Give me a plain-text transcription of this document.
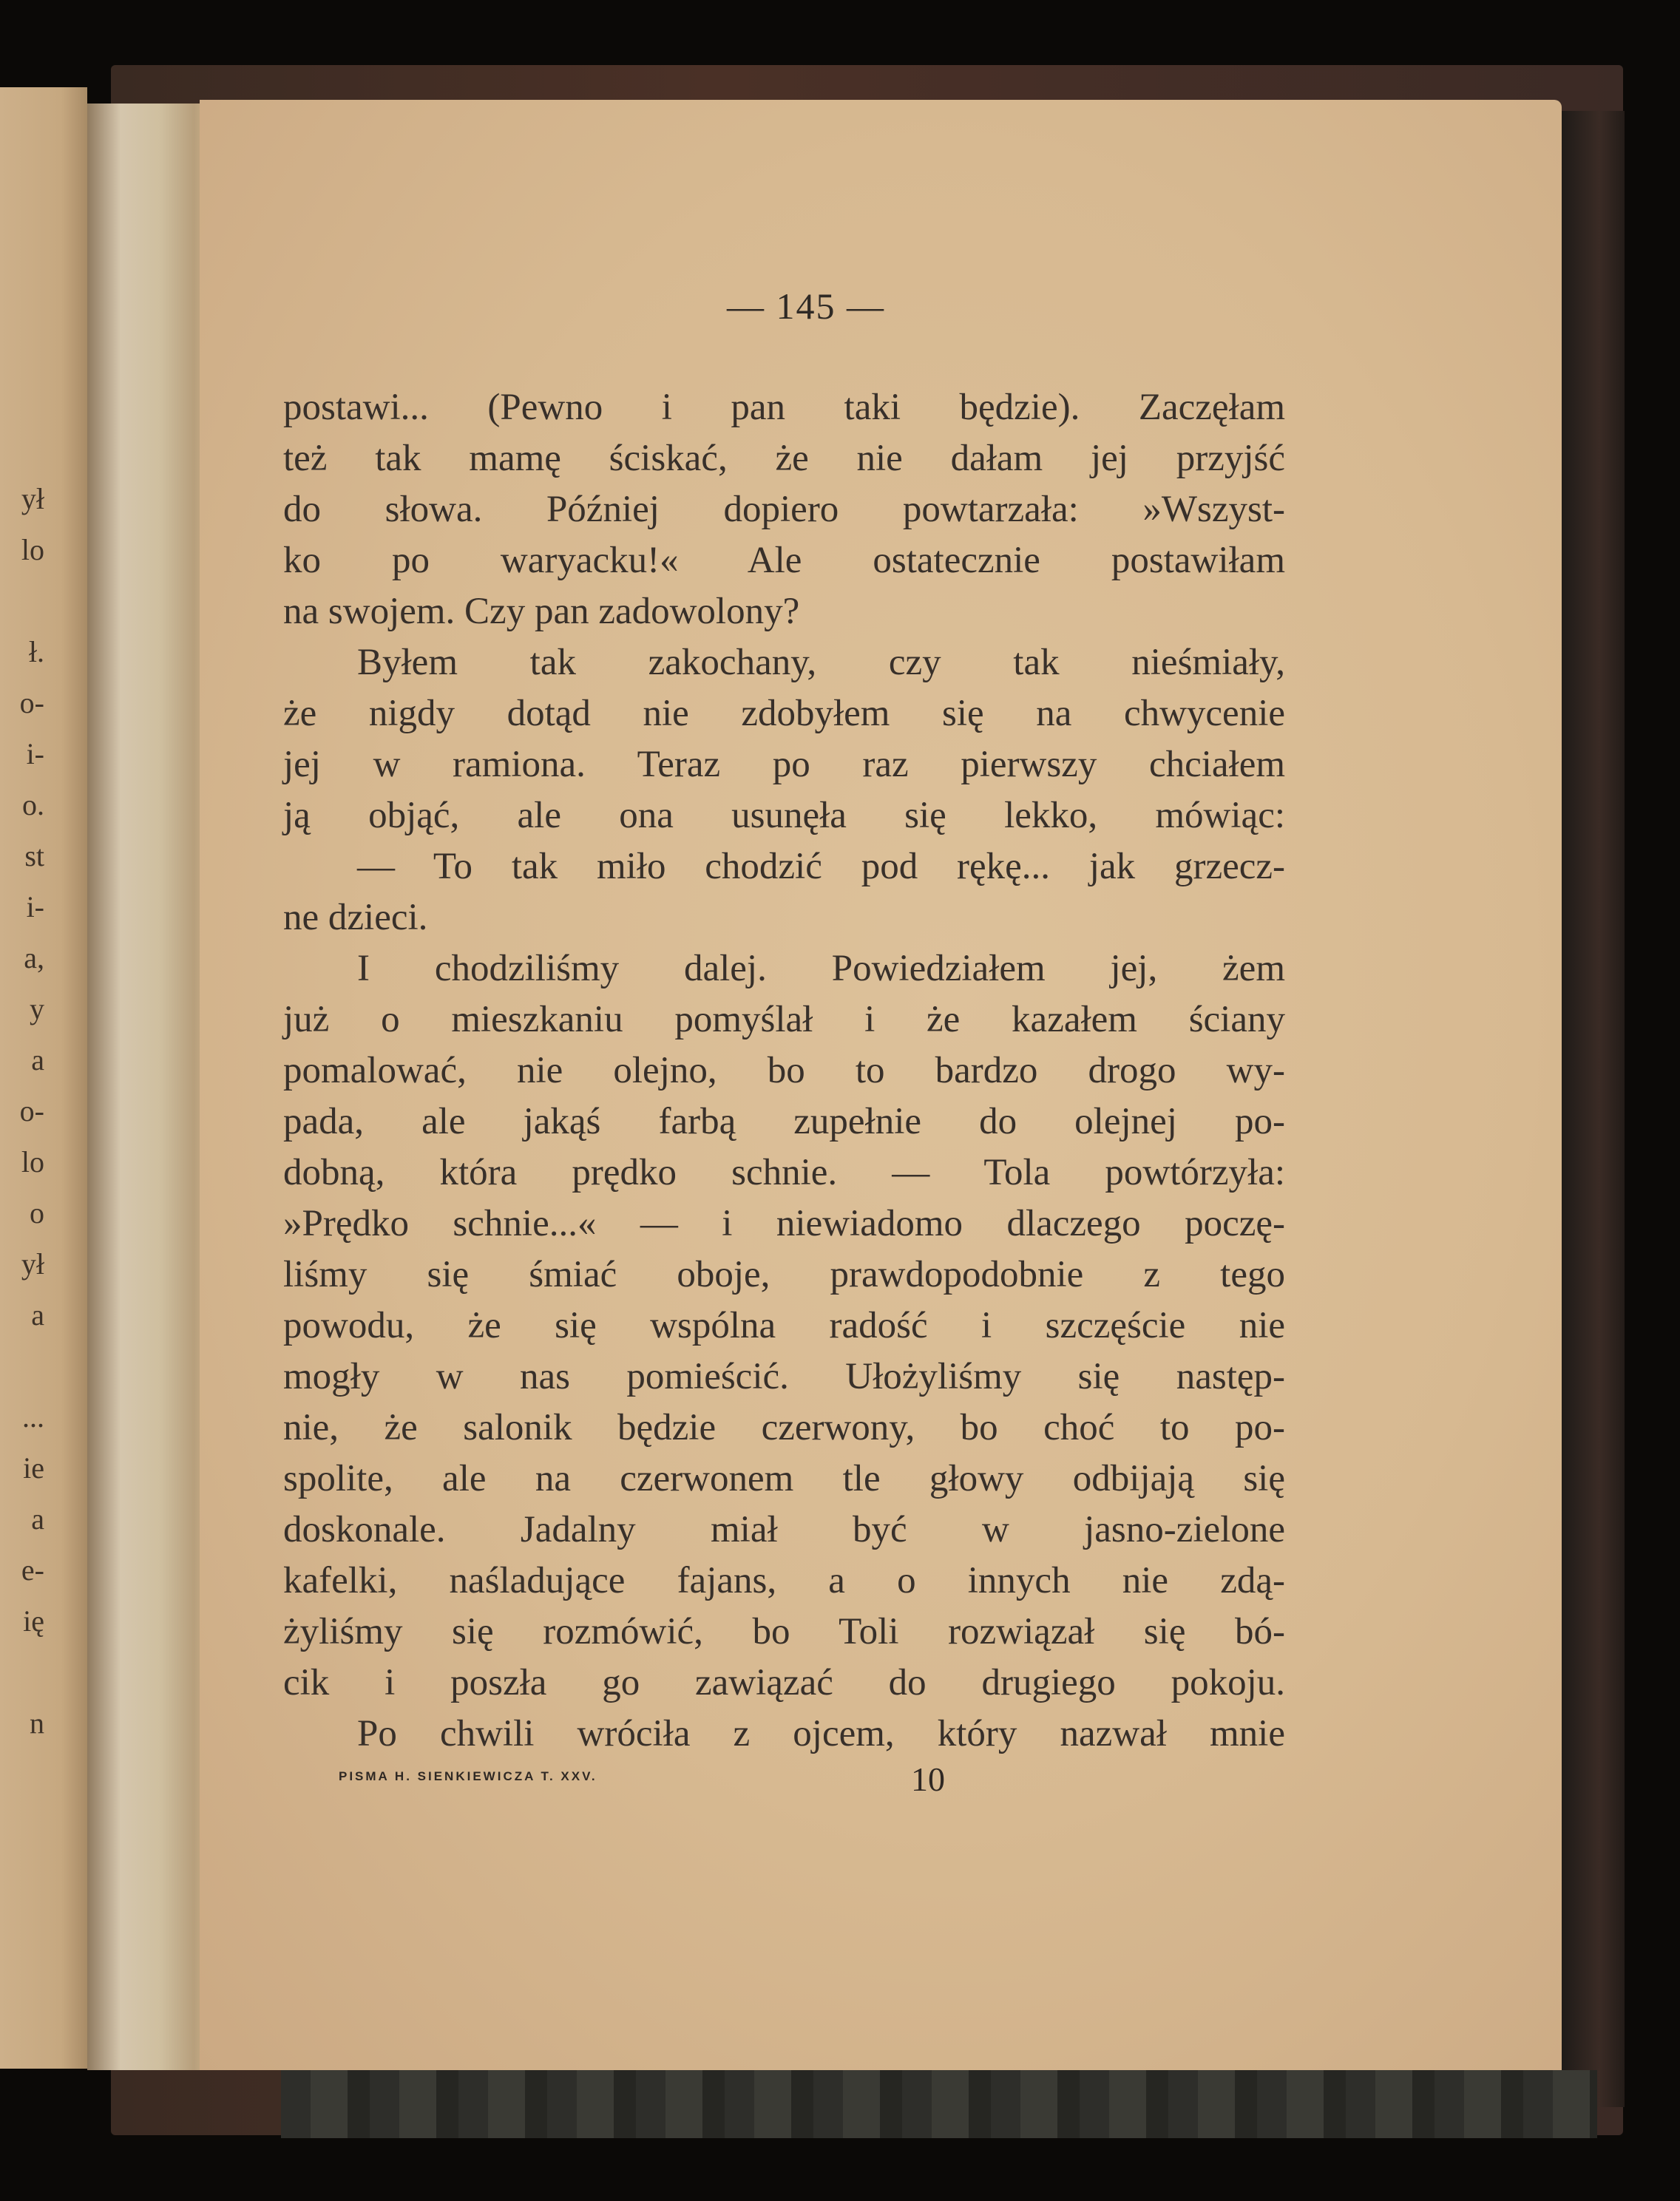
ył
lo
ł.
o-
i-
o.
st
i-
a,
y
a
o-
lo
o
ył
a
...
ie
a
e-
ię
n
— 145 —
postawi... (Pewno i pan taki będzie). Zaczęłam
też tak mamę ściskać, że nie dałam jej przyjść
do słowa. Później dopiero powtarzała: »Wszyst-
ko po waryacku!« Ale ostatecznie postawiłam
na swojem. Czy pan zadowolony?
Byłem tak zakochany, czy tak nieśmiały,
że nigdy dotąd nie zdobyłem się na chwycenie
jej w ramiona. Teraz po raz pierwszy chciałem
ją objąć, ale ona usunęła się lekko, mówiąc:
— To tak miło chodzić pod rękę... jak grzecz-
ne dzieci.
I chodziliśmy dalej. Powiedziałem jej, żem
już o mieszkaniu pomyślał i że kazałem ściany
pomalować, nie olejno, bo to bardzo drogo wy-
pada, ale jakąś farbą zupełnie do olejnej po-
dobną, która prędko schnie. — Tola powtórzyła:
»Prędko schnie...« — i niewiadomo dlaczego poczę-
liśmy się śmiać oboje, prawdopodobnie z tego
powodu, że się wspólna radość i szczęście nie
mogły w nas pomieścić. Ułożyliśmy się następ-
nie, że salonik będzie czerwony, bo choć to po-
spolite, ale na czerwonem tle głowy odbijają się
doskonale. Jadalny miał być w jasno-zielone
kafelki, naśladujące fajans, a o innych nie zdą-
żyliśmy się rozmówić, bo Toli rozwiązał się bó-
cik i poszła go zawiązać do drugiego pokoju.
Po chwili wróciła z ojcem, który nazwał mnie
PISMA H. SIENKIEWICZA T. XXV.	10
